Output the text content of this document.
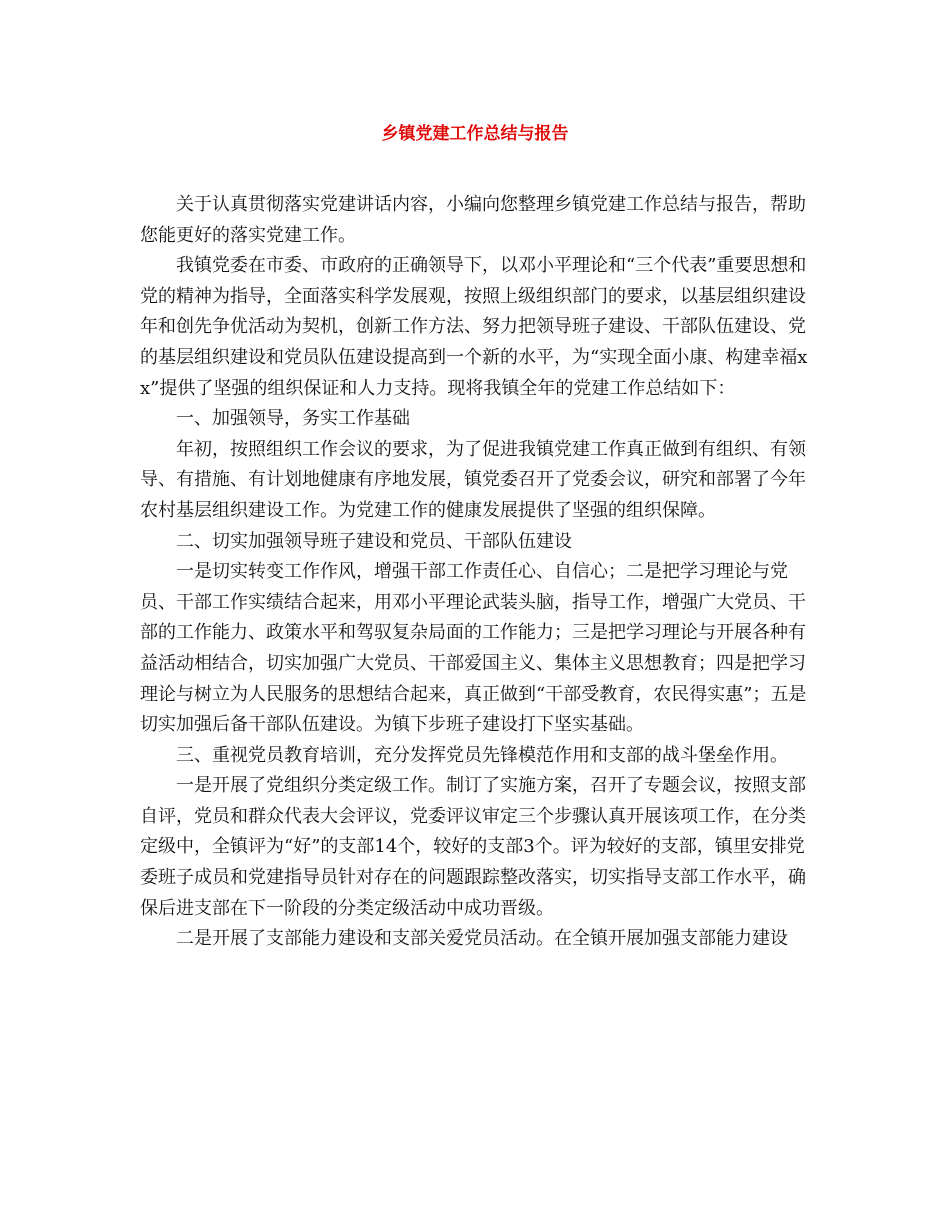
乡镇党建工作总结与报告

关于认真贯彻落实党建讲话内容，小编向您整理乡镇党建工作总结与报告，帮助您能更好的落实党建工作。

我镇党委在市委、市政府的正确领导下，以邓小平理论和“三个代表”重要思想和党的精神为指导，全面落实科学发展观，按照上级组织部门的要求，以基层组织建设年和创先争优活动为契机，创新工作方法、努力把领导班子建设、干部队伍建设、党的基层组织建设和党员队伍建设提高到一个新的水平，为“实现全面小康、构建幸福xx”提供了坚强的组织保证和人力支持。现将我镇全年的党建工作总结如下：

一、加强领导，务实工作基础

年初，按照组织工作会议的要求，为了促进我镇党建工作真正做到有组织、有领导、有措施、有计划地健康有序地发展，镇党委召开了党委会议，研究和部署了今年农村基层组织建设工作。为党建工作的健康发展提供了坚强的组织保障。

二、切实加强领导班子建设和党员、干部队伍建设

一是切实转变工作作风，增强干部工作责任心、自信心；二是把学习理论与党员、干部工作实绩结合起来，用邓小平理论武装头脑，指导工作，增强广大党员、干部的工作能力、政策水平和驾驭复杂局面的工作能力；三是把学习理论与开展各种有益活动相结合，切实加强广大党员、干部爱国主义、集体主义思想教育；四是把学习理论与树立为人民服务的思想结合起来，真正做到“干部受教育，农民得实惠”；五是切实加强后备干部队伍建设。为镇下步班子建设打下坚实基础。

三、重视党员教育培训，充分发挥党员先锋模范作用和支部的战斗堡垒作用。

一是开展了党组织分类定级工作。制订了实施方案，召开了专题会议，按照支部自评，党员和群众代表大会评议，党委评议审定三个步骤认真开展该项工作，在分类定级中，全镇评为“好”的支部14个，较好的支部3个。评为较好的支部，镇里安排党委班子成员和党建指导员针对存在的问题跟踪整改落实，切实指导支部工作水平，确保后进支部在下一阶段的分类定级活动中成功晋级。

二是开展了支部能力建设和支部关爱党员活动。在全镇开展加强支部能力建设
